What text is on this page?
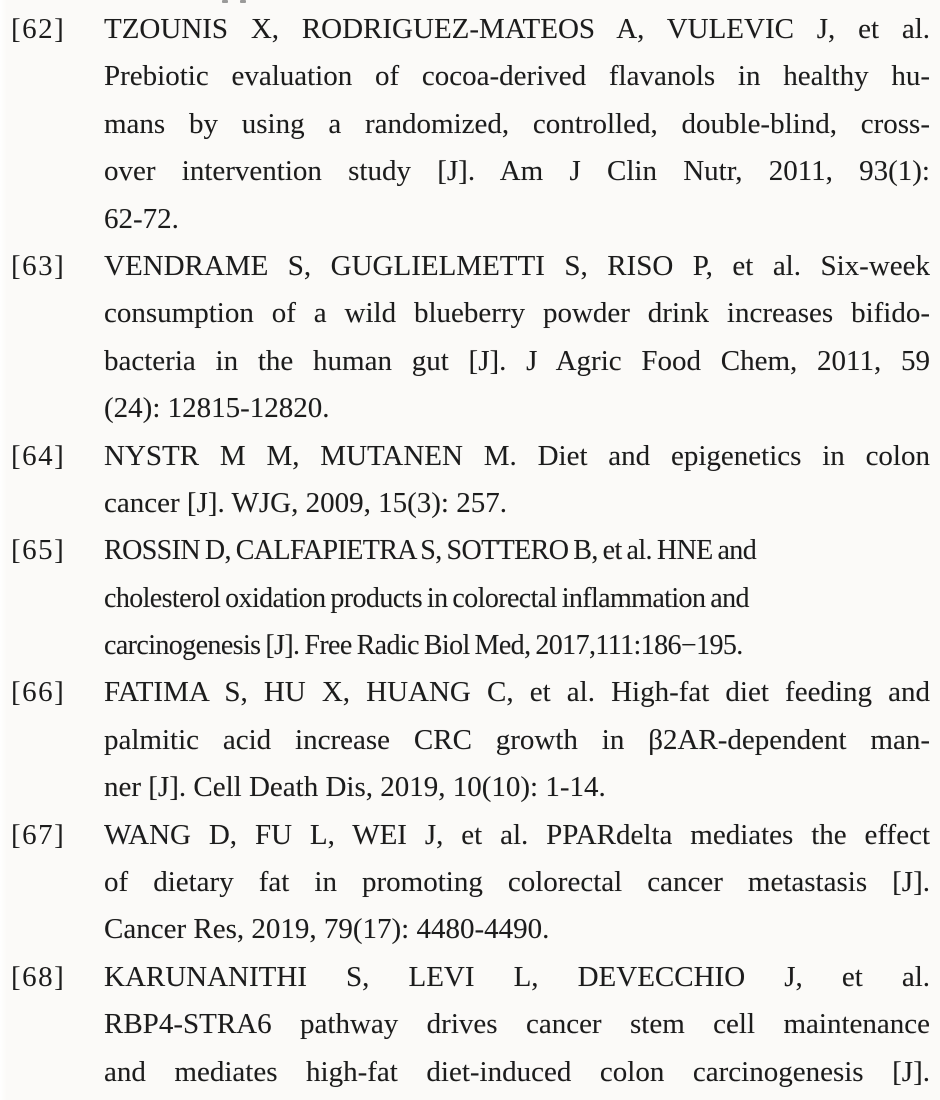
[62]	TZOUNIS X, RODRIGUEZ-MATEOS A, VULEVIC J, et al.
Prebiotic evaluation of cocoa-derived flavanols in healthy hu-
mans by using a randomized, controlled, double-blind, cross-
over intervention study [J]. Am J Clin Nutr, 2011, 93(1):
62-72.
[63]	VENDRAME S, GUGLIELMETTI S, RISO P, et al. Six-week
consumption of a wild blueberry powder drink increases bifido-
bacteria in the human gut [J]. J Agric Food Chem, 2011, 59
(24): 12815-12820.
[64]	NYSTR M M, MUTANEN M. Diet and epigenetics in colon
cancer [J]. WJG, 2009, 15(3): 257.
[65]	ROSSIN D, CALFAPIETRA S, SOTTERO B, et al. HNE and
cholesterol oxidation products in colorectal inflammation and
carcinogenesis [J]. Free Radic Biol Med, 2017,111:186−195.
[66]	FATIMA S, HU X, HUANG C, et al. High-fat diet feeding and
palmitic acid increase CRC growth in β2AR-dependent man-
ner [J]. Cell Death Dis, 2019, 10(10): 1-14.
[67]	WANG D, FU L, WEI J, et al. PPARdelta mediates the effect
of dietary fat in promoting colorectal cancer metastasis [J].
Cancer Res, 2019, 79(17): 4480-4490.
[68]	KARUNANITHI S, LEVI L, DEVECCHIO J, et al.
RBP4-STRA6 pathway drives cancer stem cell maintenance
and mediates high-fat diet-induced colon carcinogenesis [J].
